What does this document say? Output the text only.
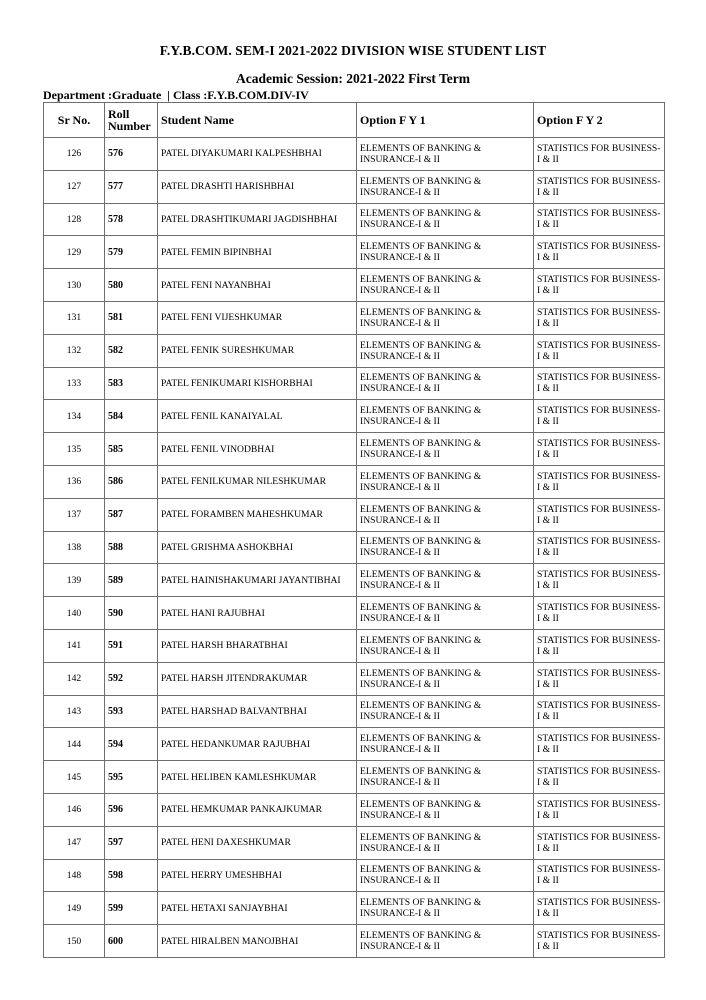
F.Y.B.COM. SEM-I 2021-2022 DIVISION WISE STUDENT LIST
Academic Session: 2021-2022 First Term
Department :Graduate  | Class :F.Y.B.COM.DIV-IV
Sr No.	Roll Number	Student Name	Option F Y 1	Option F Y 2
126	576	PATEL DIYAKUMARI KALPESHBHAI	ELEMENTS OF BANKING & INSURANCE-I & II	STATISTICS FOR BUSINESS-I & II
127	577	PATEL DRASHTI HARISHBHAI	ELEMENTS OF BANKING & INSURANCE-I & II	STATISTICS FOR BUSINESS-I & II
128	578	PATEL DRASHTIKUMARI JAGDISHBHAI	ELEMENTS OF BANKING & INSURANCE-I & II	STATISTICS FOR BUSINESS-I & II
129	579	PATEL FEMIN BIPINBHAI	ELEMENTS OF BANKING & INSURANCE-I & II	STATISTICS FOR BUSINESS-I & II
130	580	PATEL FENI NAYANBHAI	ELEMENTS OF BANKING & INSURANCE-I & II	STATISTICS FOR BUSINESS-I & II
131	581	PATEL FENI VIJESHKUMAR	ELEMENTS OF BANKING & INSURANCE-I & II	STATISTICS FOR BUSINESS-I & II
132	582	PATEL FENIK SURESHKUMAR	ELEMENTS OF BANKING & INSURANCE-I & II	STATISTICS FOR BUSINESS-I & II
133	583	PATEL FENIKUMARI KISHORBHAI	ELEMENTS OF BANKING & INSURANCE-I & II	STATISTICS FOR BUSINESS-I & II
134	584	PATEL FENIL KANAIYALAL	ELEMENTS OF BANKING & INSURANCE-I & II	STATISTICS FOR BUSINESS-I & II
135	585	PATEL FENIL VINODBHAI	ELEMENTS OF BANKING & INSURANCE-I & II	STATISTICS FOR BUSINESS-I & II
136	586	PATEL FENILKUMAR NILESHKUMAR	ELEMENTS OF BANKING & INSURANCE-I & II	STATISTICS FOR BUSINESS-I & II
137	587	PATEL FORAMBEN MAHESHKUMAR	ELEMENTS OF BANKING & INSURANCE-I & II	STATISTICS FOR BUSINESS-I & II
138	588	PATEL GRISHMA ASHOKBHAI	ELEMENTS OF BANKING & INSURANCE-I & II	STATISTICS FOR BUSINESS-I & II
139	589	PATEL HAINISHAKUMARI JAYANTIBHAI	ELEMENTS OF BANKING & INSURANCE-I & II	STATISTICS FOR BUSINESS-I & II
140	590	PATEL HANI RAJUBHAI	ELEMENTS OF BANKING & INSURANCE-I & II	STATISTICS FOR BUSINESS-I & II
141	591	PATEL HARSH BHARATBHAI	ELEMENTS OF BANKING & INSURANCE-I & II	STATISTICS FOR BUSINESS-I & II
142	592	PATEL HARSH JITENDRAKUMAR	ELEMENTS OF BANKING & INSURANCE-I & II	STATISTICS FOR BUSINESS-I & II
143	593	PATEL HARSHAD BALVANTBHAI	ELEMENTS OF BANKING & INSURANCE-I & II	STATISTICS FOR BUSINESS-I & II
144	594	PATEL HEDANKUMAR RAJUBHAI	ELEMENTS OF BANKING & INSURANCE-I & II	STATISTICS FOR BUSINESS-I & II
145	595	PATEL HELIBEN KAMLESHKUMAR	ELEMENTS OF BANKING & INSURANCE-I & II	STATISTICS FOR BUSINESS-I & II
146	596	PATEL HEMKUMAR PANKAJKUMAR	ELEMENTS OF BANKING & INSURANCE-I & II	STATISTICS FOR BUSINESS-I & II
147	597	PATEL HENI DAXESHKUMAR	ELEMENTS OF BANKING & INSURANCE-I & II	STATISTICS FOR BUSINESS-I & II
148	598	PATEL HERRY UMESHBHAI	ELEMENTS OF BANKING & INSURANCE-I & II	STATISTICS FOR BUSINESS-I & II
149	599	PATEL HETAXI SANJAYBHAI	ELEMENTS OF BANKING & INSURANCE-I & II	STATISTICS FOR BUSINESS-I & II
150	600	PATEL HIRALBEN MANOJBHAI	ELEMENTS OF BANKING & INSURANCE-I & II	STATISTICS FOR BUSINESS-I & II
